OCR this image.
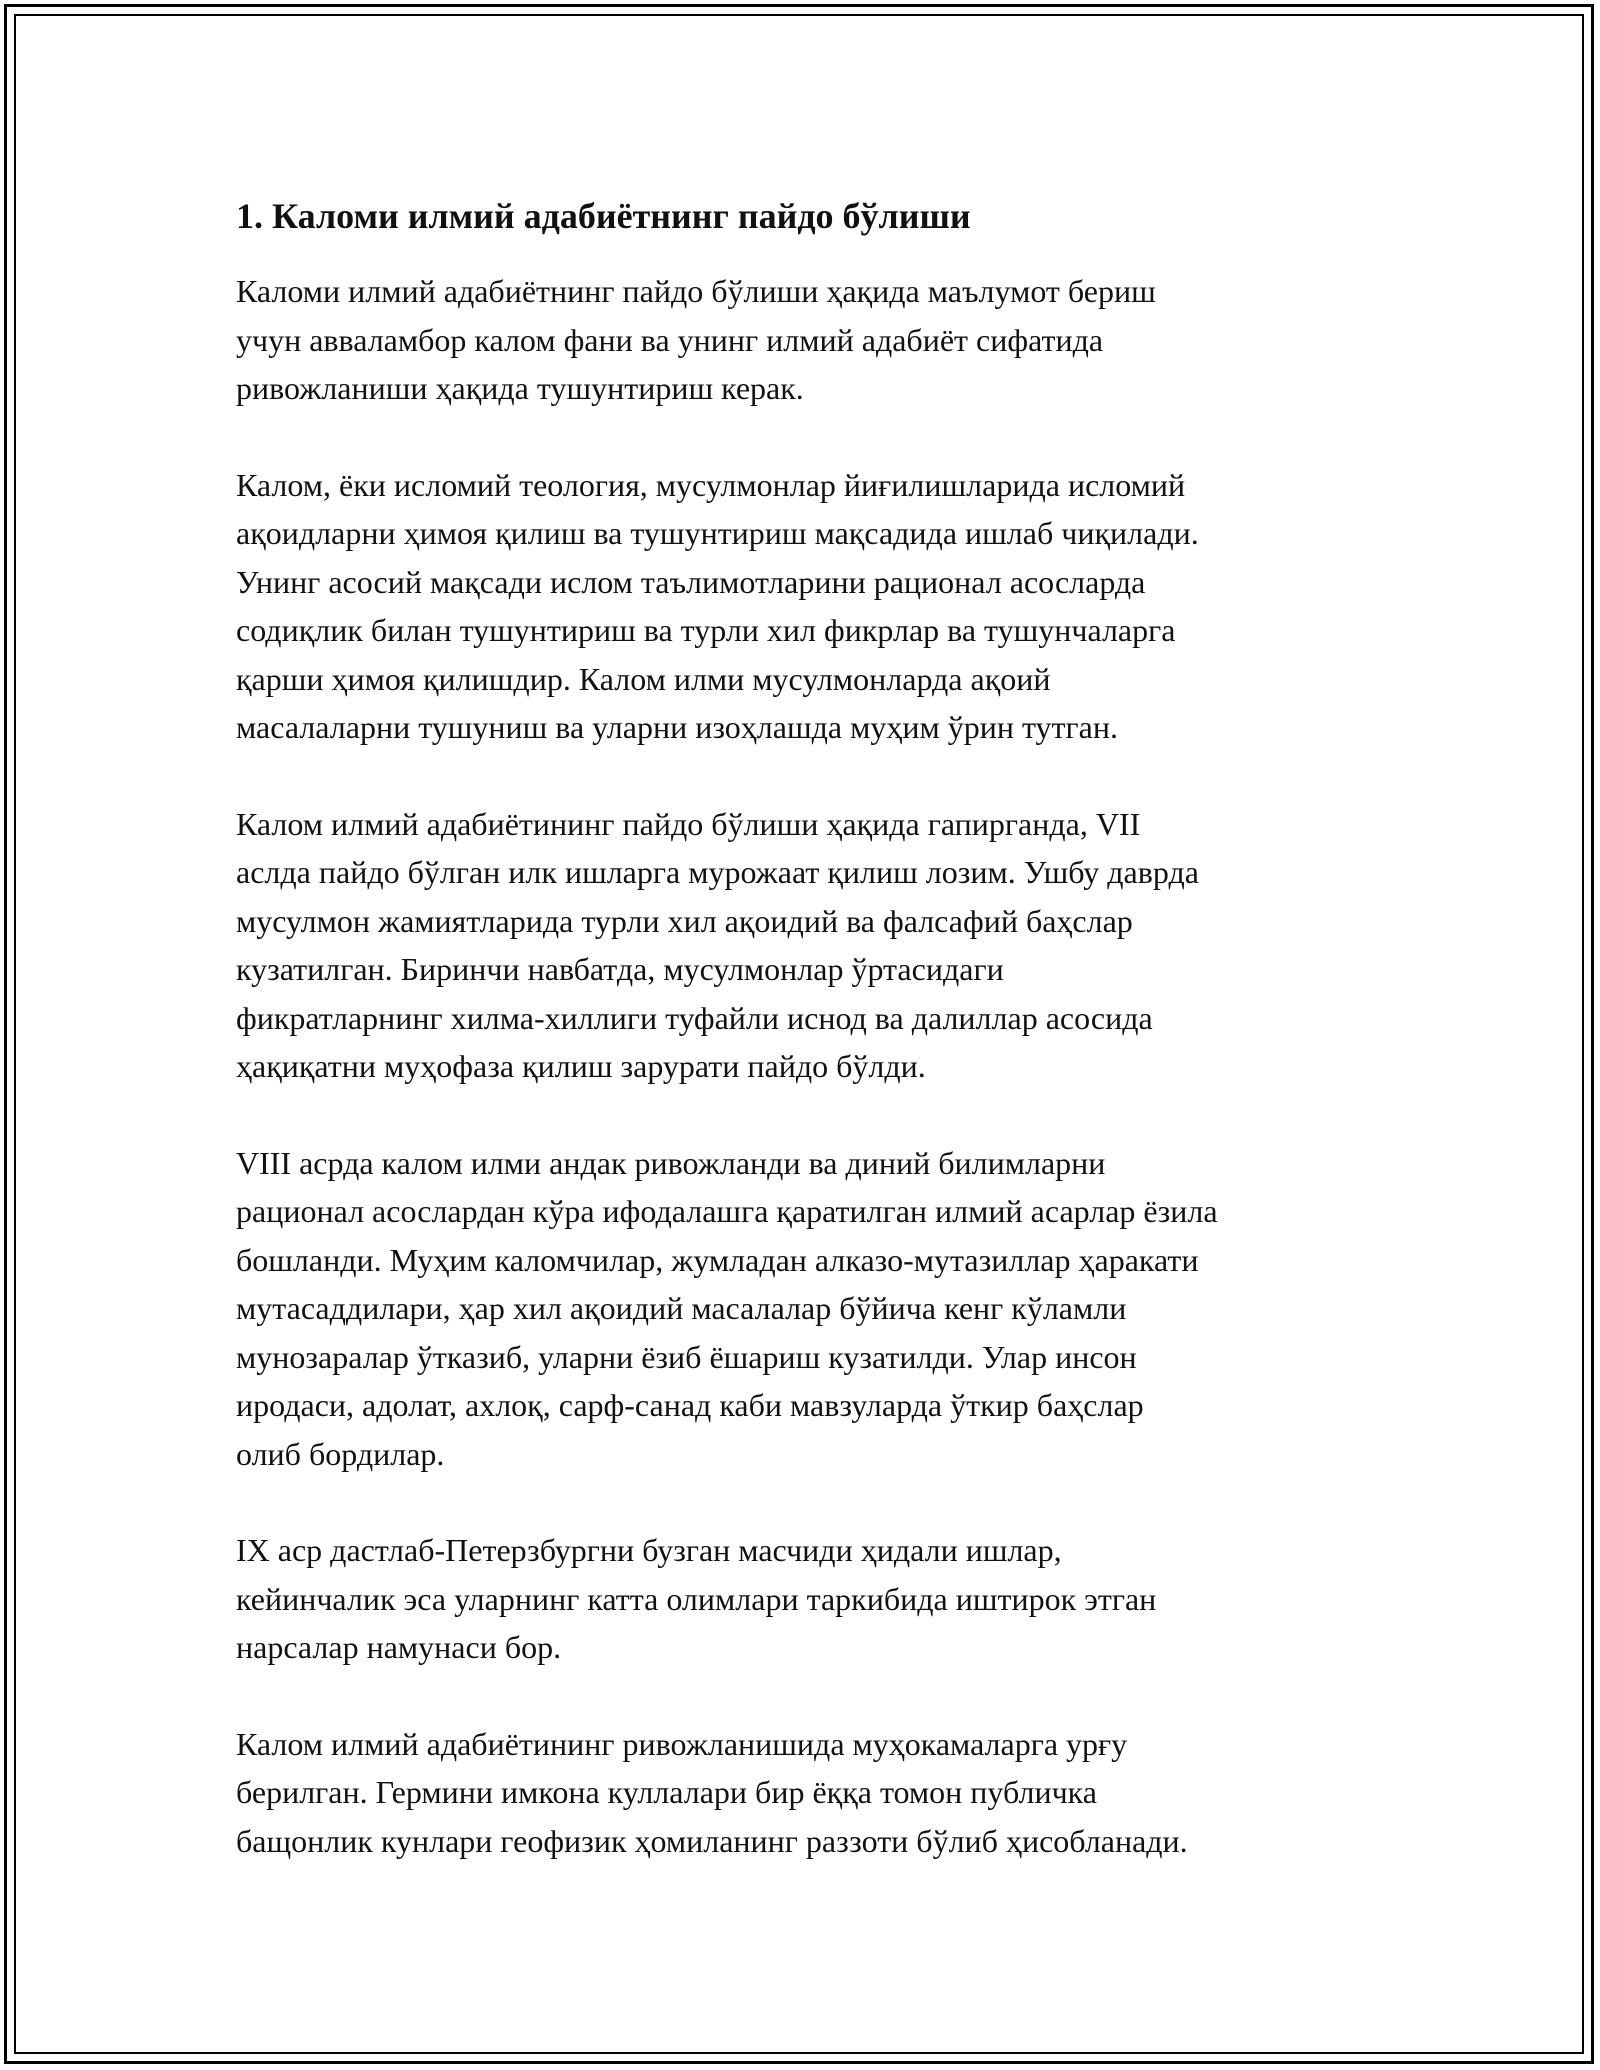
1. Каломи илмий адабиётнинг пайдо бўлиши

Каломи илмий адабиётнинг пайдо бўлиши ҳақида маълумот бериш
учун аввалaмбор калом фани ва унинг илмий адабиёт сифатида
ривожланиши ҳақида тушунтириш керак.

Калом, ёки исломий теология, мусулмонлар йиғилишларида исломий
ақоидларни ҳимоя қилиш ва тушунтириш мақсадида ишлаб чиқилади.
Унинг асосий мақсади ислом таълимотларини рационал асосларда
содиқлик билан тушунтириш ва турли хил фикрлар ва тушунчаларга
қарши ҳимоя қилишдир. Калом илми мусулмонларда ақоий
масалаларни тушуниш ва уларни изоҳлашда муҳим ўрин тутган.

Калом илмий адабиётининг пайдо бўлиши ҳақида гапирганда, VII
аслда пайдо бўлган илк ишларга мурожаат қилиш лозим. Ушбу даврда
мусулмон жамиятларида турли хил ақоидий ва фалсафий баҳслар
кузатилган. Биринчи навбатда, мусулмонлар ўртасидаги
фикратларнинг хилма-хиллиги туфайли иснод ва далиллар асосида
ҳақиқатни муҳофаза қилиш зарурати пайдо бўлди.

VIII асрда калом илми андак ривожланди ва диний билимларни
рационал асослардан кўра ифодалашга қаратилган илмий асарлар ёзила
бошланди. Муҳим каломчилар, жумладан алказо-мутазиллар ҳаракати
мутасаддилари, ҳар хил ақоидий масалалар бўйича кенг кўламли
мунозаралар ўтказиб, уларни ёзиб ёшариш кузатилди. Улар инсон
иродаси, адолат, ахлоқ, сарф-санад каби мавзуларда ўткир баҳслар
олиб бордилар.

IX аср дастлаб-Петерзбургни бузган масчиди ҳидали ишлар,
кейинчалик эса уларнинг катта олимлари таркибида иштирок этган
нарсалар намунаси бор.

Калом илмий адабиётининг ривожланишида муҳокамаларга урғу
берилган. Гермини имкона куллалари бир ёққа томон публичка
бащонлик кунлари геофизик ҳомиланинг раззоти бўлиб ҳисобланади.
